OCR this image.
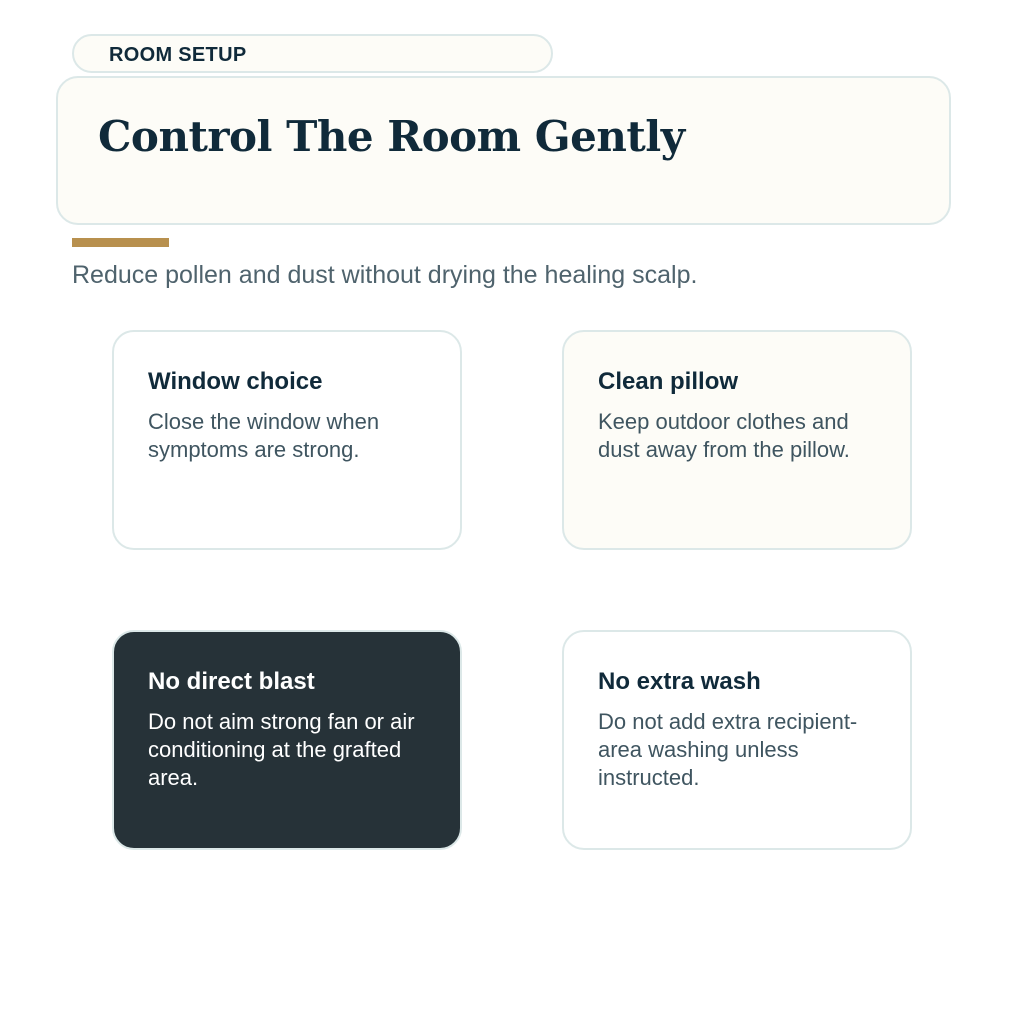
ROOM SETUP
Control The Room Gently

Reduce pollen and dust without drying the healing scalp.

Window choice

Close the window when symptoms are strong.

Clean pillow

Keep outdoor clothes and dust away from the pillow.

No direct blast

Do not aim strong fan or air conditioning at the grafted area.

No extra wash

Do not add extra recipient-area washing unless instructed.
